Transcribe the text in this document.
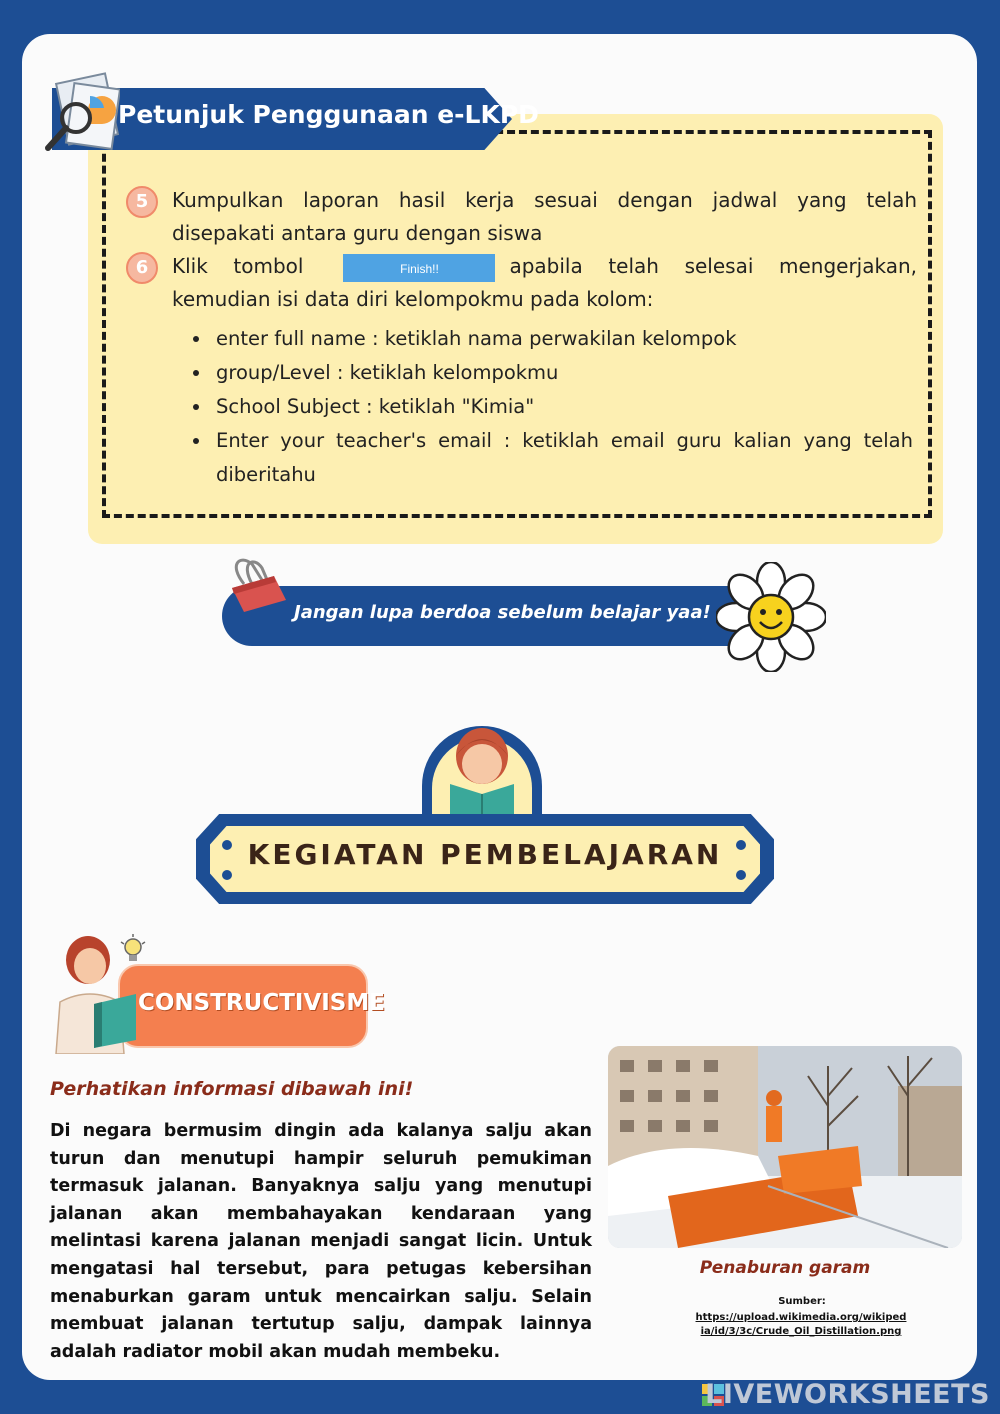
Petunjuk Penggunaan e-LKPD
5	Kumpulkan laporan hasil kerja sesuai dengan jadwal yang telah disepakati antara guru dengan siswa
6	Klik tombol	Finish!!	apabila telah selesai mengerjakan, kemudian isi data diri kelompokmu pada kolom:
• enter full name : ketiklah nama perwakilan kelompok
• group/Level : ketiklah kelompokmu
• School Subject : ketiklah "Kimia"
• Enter your teacher's email : ketiklah email guru kalian yang telah diberitahu
Jangan lupa berdoa sebelum belajar yaa!
KEGIATAN PEMBELAJARAN
CONSTRUCTIVISME
Perhatikan informasi dibawah ini!
Di negara bermusim dingin ada kalanya salju akan turun dan menutupi hampir seluruh pemukiman termasuk jalanan. Banyaknya salju yang menutupi jalanan akan membahayakan kendaraan yang melintasi karena jalanan menjadi sangat licin. Untuk mengatasi hal tersebut, para petugas kebersihan menaburkan garam untuk mencairkan salju. Selain membuat jalanan tertutup salju, dampak lainnya adalah radiator mobil akan mudah membeku.
Penaburan garam
Sumber:
https://upload.wikimedia.org/wikipedia/id/3/3c/Crude_Oil_Distillation.png
LIVEWORKSHEETS
